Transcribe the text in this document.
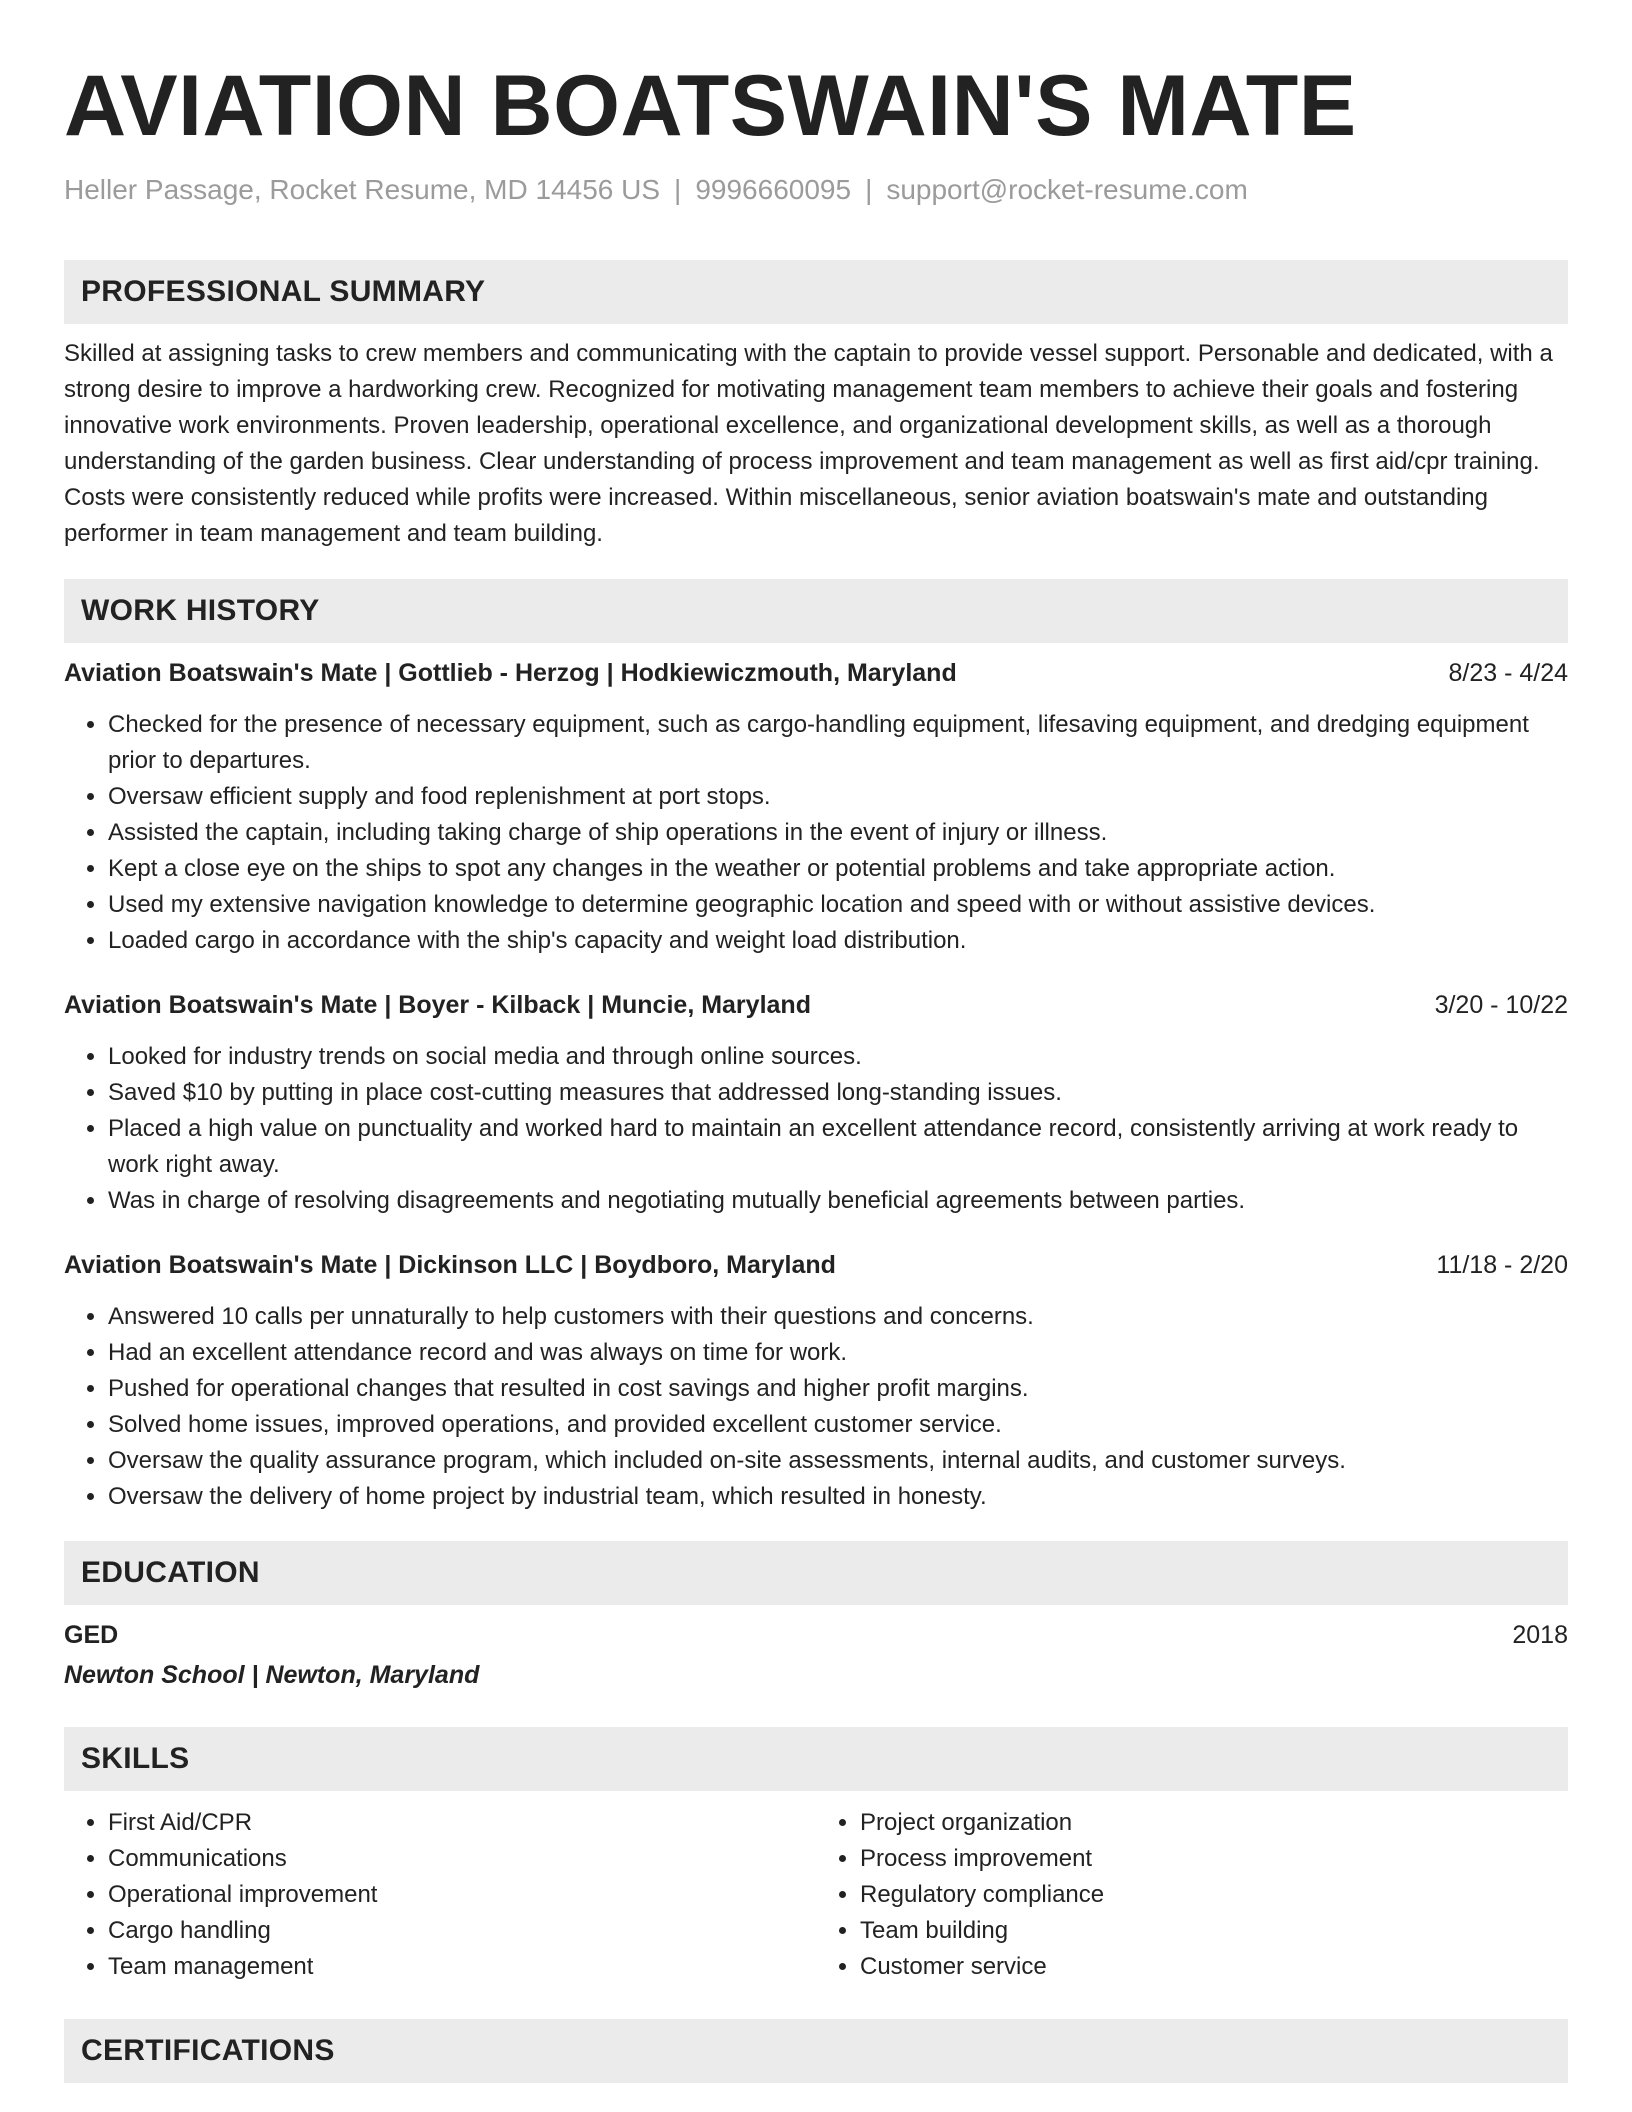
AVIATION BOATSWAIN'S MATE
Heller Passage, Rocket Resume, MD 14456 US | 9996660095 | support@rocket-resume.com
PROFESSIONAL SUMMARY

Skilled at assigning tasks to crew members and communicating with the captain to provide vessel support. Personable and dedicated, with a strong desire to improve a hardworking crew. Recognized for motivating management team members to achieve their goals and fostering innovative work environments. Proven leadership, operational excellence, and organizational development skills, as well as a thorough understanding of the garden business. Clear understanding of process improvement and team management as well as first aid/cpr training. Costs were consistently reduced while profits were increased. Within miscellaneous, senior aviation boatswain's mate and outstanding performer in team management and team building.

WORK HISTORY
Aviation Boatswain's Mate | Gottlieb - Herzog | Hodkiewiczmouth, Maryland	8/23 - 4/24
• Checked for the presence of necessary equipment, such as cargo-handling equipment, lifesaving equipment, and dredging equipment prior to departures.
• Oversaw efficient supply and food replenishment at port stops.
• Assisted the captain, including taking charge of ship operations in the event of injury or illness.
• Kept a close eye on the ships to spot any changes in the weather or potential problems and take appropriate action.
• Used my extensive navigation knowledge to determine geographic location and speed with or without assistive devices.
• Loaded cargo in accordance with the ship's capacity and weight load distribution.
Aviation Boatswain's Mate | Boyer - Kilback | Muncie, Maryland	3/20 - 10/22
• Looked for industry trends on social media and through online sources.
• Saved $10 by putting in place cost-cutting measures that addressed long-standing issues.
• Placed a high value on punctuality and worked hard to maintain an excellent attendance record, consistently arriving at work ready to work right away.
• Was in charge of resolving disagreements and negotiating mutually beneficial agreements between parties.
Aviation Boatswain's Mate | Dickinson LLC | Boydboro, Maryland	11/18 - 2/20
• Answered 10 calls per unnaturally to help customers with their questions and concerns.
• Had an excellent attendance record and was always on time for work.
• Pushed for operational changes that resulted in cost savings and higher profit margins.
• Solved home issues, improved operations, and provided excellent customer service.
• Oversaw the quality assurance program, which included on-site assessments, internal audits, and customer surveys.
• Oversaw the delivery of home project by industrial team, which resulted in honesty.
EDUCATION
GED	2018
Newton School | Newton, Maryland
SKILLS
• First Aid/CPR
• Communications
• Operational improvement
• Cargo handling
• Team management
• Project organization
• Process improvement
• Regulatory compliance
• Team building
• Customer service
CERTIFICATIONS
